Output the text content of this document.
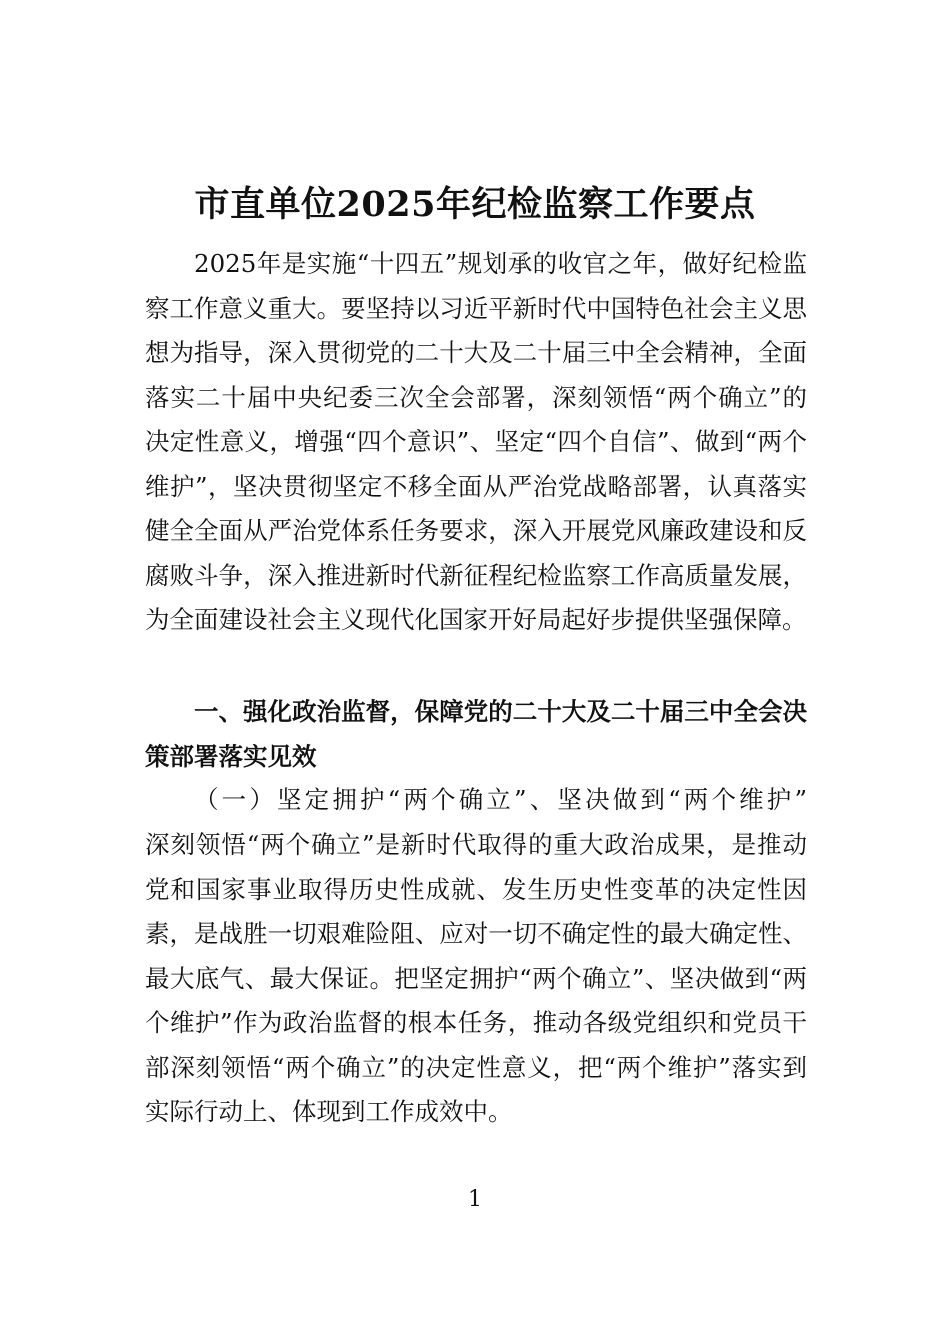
市直单位2025年纪检监察工作要点

2025年是实施“十四五”规划承的收官之年，做好纪检监察工作意义重大。要坚持以习近平新时代中国特色社会主义思想为指导，深入贯彻党的二十大及二十届三中全会精神，全面落实二十届中央纪委三次全会部署，深刻领悟“两个确立”的决定性意义，增强“四个意识”、坚定“四个自信”、做到“两个维护”，坚决贯彻坚定不移全面从严治党战略部署，认真落实健全全面从严治党体系任务要求，深入开展党风廉政建设和反腐败斗争，深入推进新时代新征程纪检监察工作高质量发展，为全面建设社会主义现代化国家开好局起好步提供坚强保障。

一、强化政治监督，保障党的二十大及二十届三中全会决策部署落实见效

（一）坚定拥护“两个确立”、坚决做到“两个维护”

深刻领悟“两个确立”是新时代取得的重大政治成果，是推动党和国家事业取得历史性成就、发生历史性变革的决定性因素，是战胜一切艰难险阻、应对一切不确定性的最大确定性、最大底气、最大保证。把坚定拥护“两个确立”、坚决做到“两个维护”作为政治监督的根本任务，推动各级党组织和党员干部深刻领悟“两个确立”的决定性意义，把“两个维护”落实到实际行动上、体现到工作成效中。

1
